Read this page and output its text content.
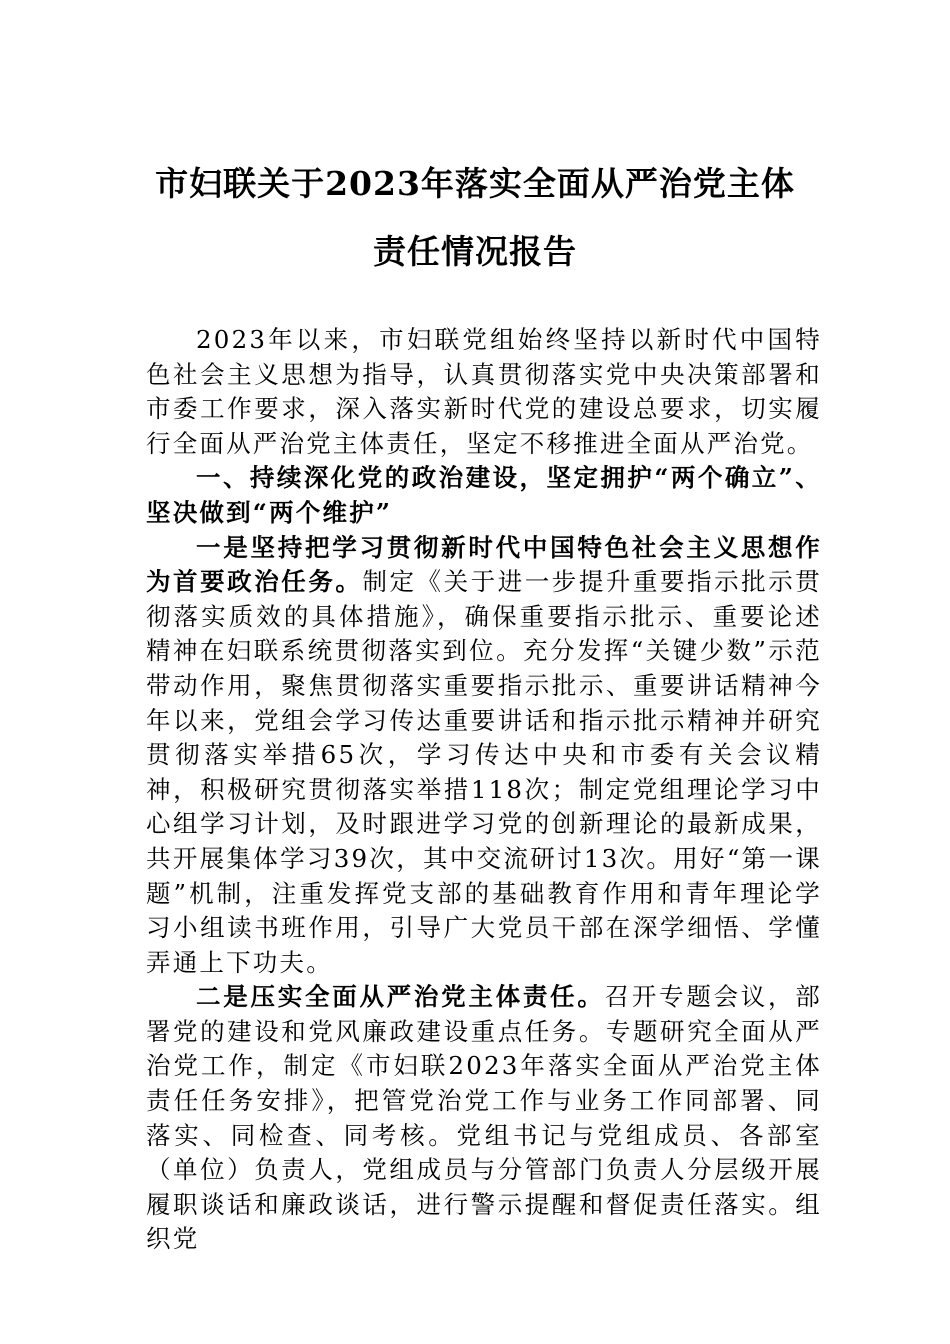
市妇联关于2023年落实全面从严治党主体
责任情况报告

2023年以来，市妇联党组始终坚持以新时代中国特色社会主义思想为指导，认真贯彻落实党中央决策部署和市委工作要求，深入落实新时代党的建设总要求，切实履行全面从严治党主体责任，坚定不移推进全面从严治党。

一、持续深化党的政治建设，坚定拥护“两个确立”、坚决做到“两个维护”

一是坚持把学习贯彻新时代中国特色社会主义思想作为首要政治任务。制定《关于进一步提升重要指示批示贯彻落实质效的具体措施》，确保重要指示批示、重要论述精神在妇联系统贯彻落实到位。充分发挥“关键少数”示范带动作用，聚焦贯彻落实重要指示批示、重要讲话精神今年以来，党组会学习传达重要讲话和指示批示精神并研究贯彻落实举措65次，学习传达中央和市委有关会议精神，积极研究贯彻落实举措118次；制定党组理论学习中心组学习计划，及时跟进学习党的创新理论的最新成果，共开展集体学习39次，其中交流研讨13次。用好“第一课题”机制，注重发挥党支部的基础教育作用和青年理论学习小组读书班作用，引导广大党员干部在深学细悟、学懂弄通上下功夫。

二是压实全面从严治党主体责任。召开专题会议，部署党的建设和党风廉政建设重点任务。专题研究全面从严治党工作，制定《市妇联2023年落实全面从严治党主体责任任务安排》，把管党治党工作与业务工作同部署、同落实、同检查、同考核。党组书记与党组成员、各部室（单位）负责人，党组成员与分管部门负责人分层级开展履职谈话和廉政谈话，进行警示提醒和督促责任落实。组织党
